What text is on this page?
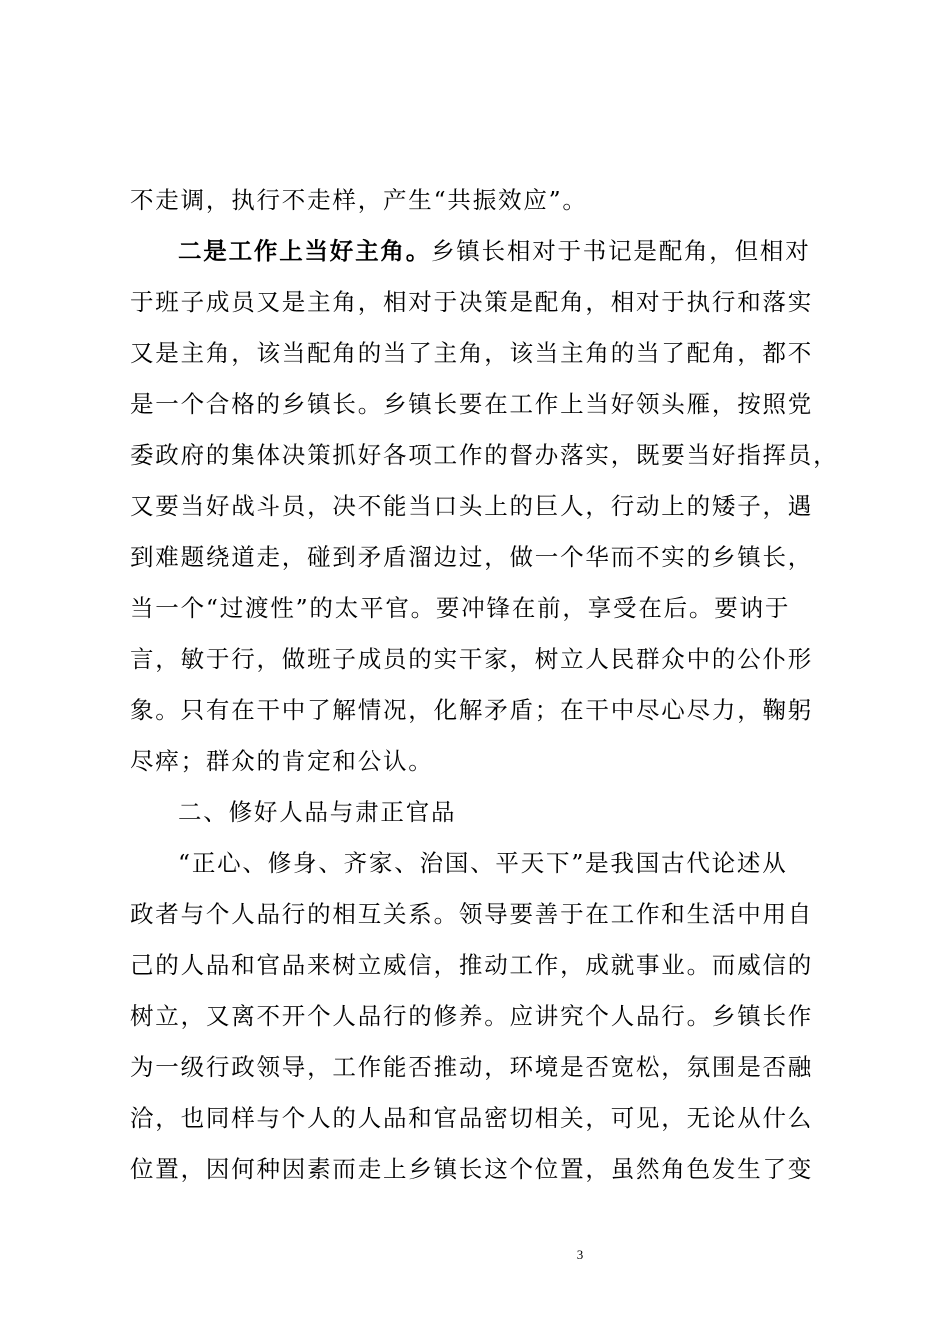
不走调，执行不走样，产生“共振效应”。
二是工作上当好主角。乡镇长相对于书记是配角，但相对
于班子成员又是主角，相对于决策是配角，相对于执行和落实
又是主角，该当配角的当了主角，该当主角的当了配角，都不
是一个合格的乡镇长。乡镇长要在工作上当好领头雁，按照党
委政府的集体决策抓好各项工作的督办落实，既要当好指挥员，
又要当好战斗员，决不能当口头上的巨人，行动上的矮子，遇
到难题绕道走，碰到矛盾溜边过，做一个华而不实的乡镇长，
当一个“过渡性”的太平官。要冲锋在前，享受在后。要讷于
言，敏于行，做班子成员的实干家，树立人民群众中的公仆形
象。只有在干中了解情况，化解矛盾；在干中尽心尽力，鞠躬
尽瘁；群众的肯定和公认。
二、修好人品与肃正官品
“正心、修身、齐家、治国、平天下”是我国古代论述从
政者与个人品行的相互关系。领导要善于在工作和生活中用自
己的人品和官品来树立威信，推动工作，成就事业。而威信的
树立，又离不开个人品行的修养。应讲究个人品行。乡镇长作
为一级行政领导，工作能否推动，环境是否宽松，氛围是否融
洽，也同样与个人的人品和官品密切相关，可见，无论从什么
位置，因何种因素而走上乡镇长这个位置，虽然角色发生了变
3
